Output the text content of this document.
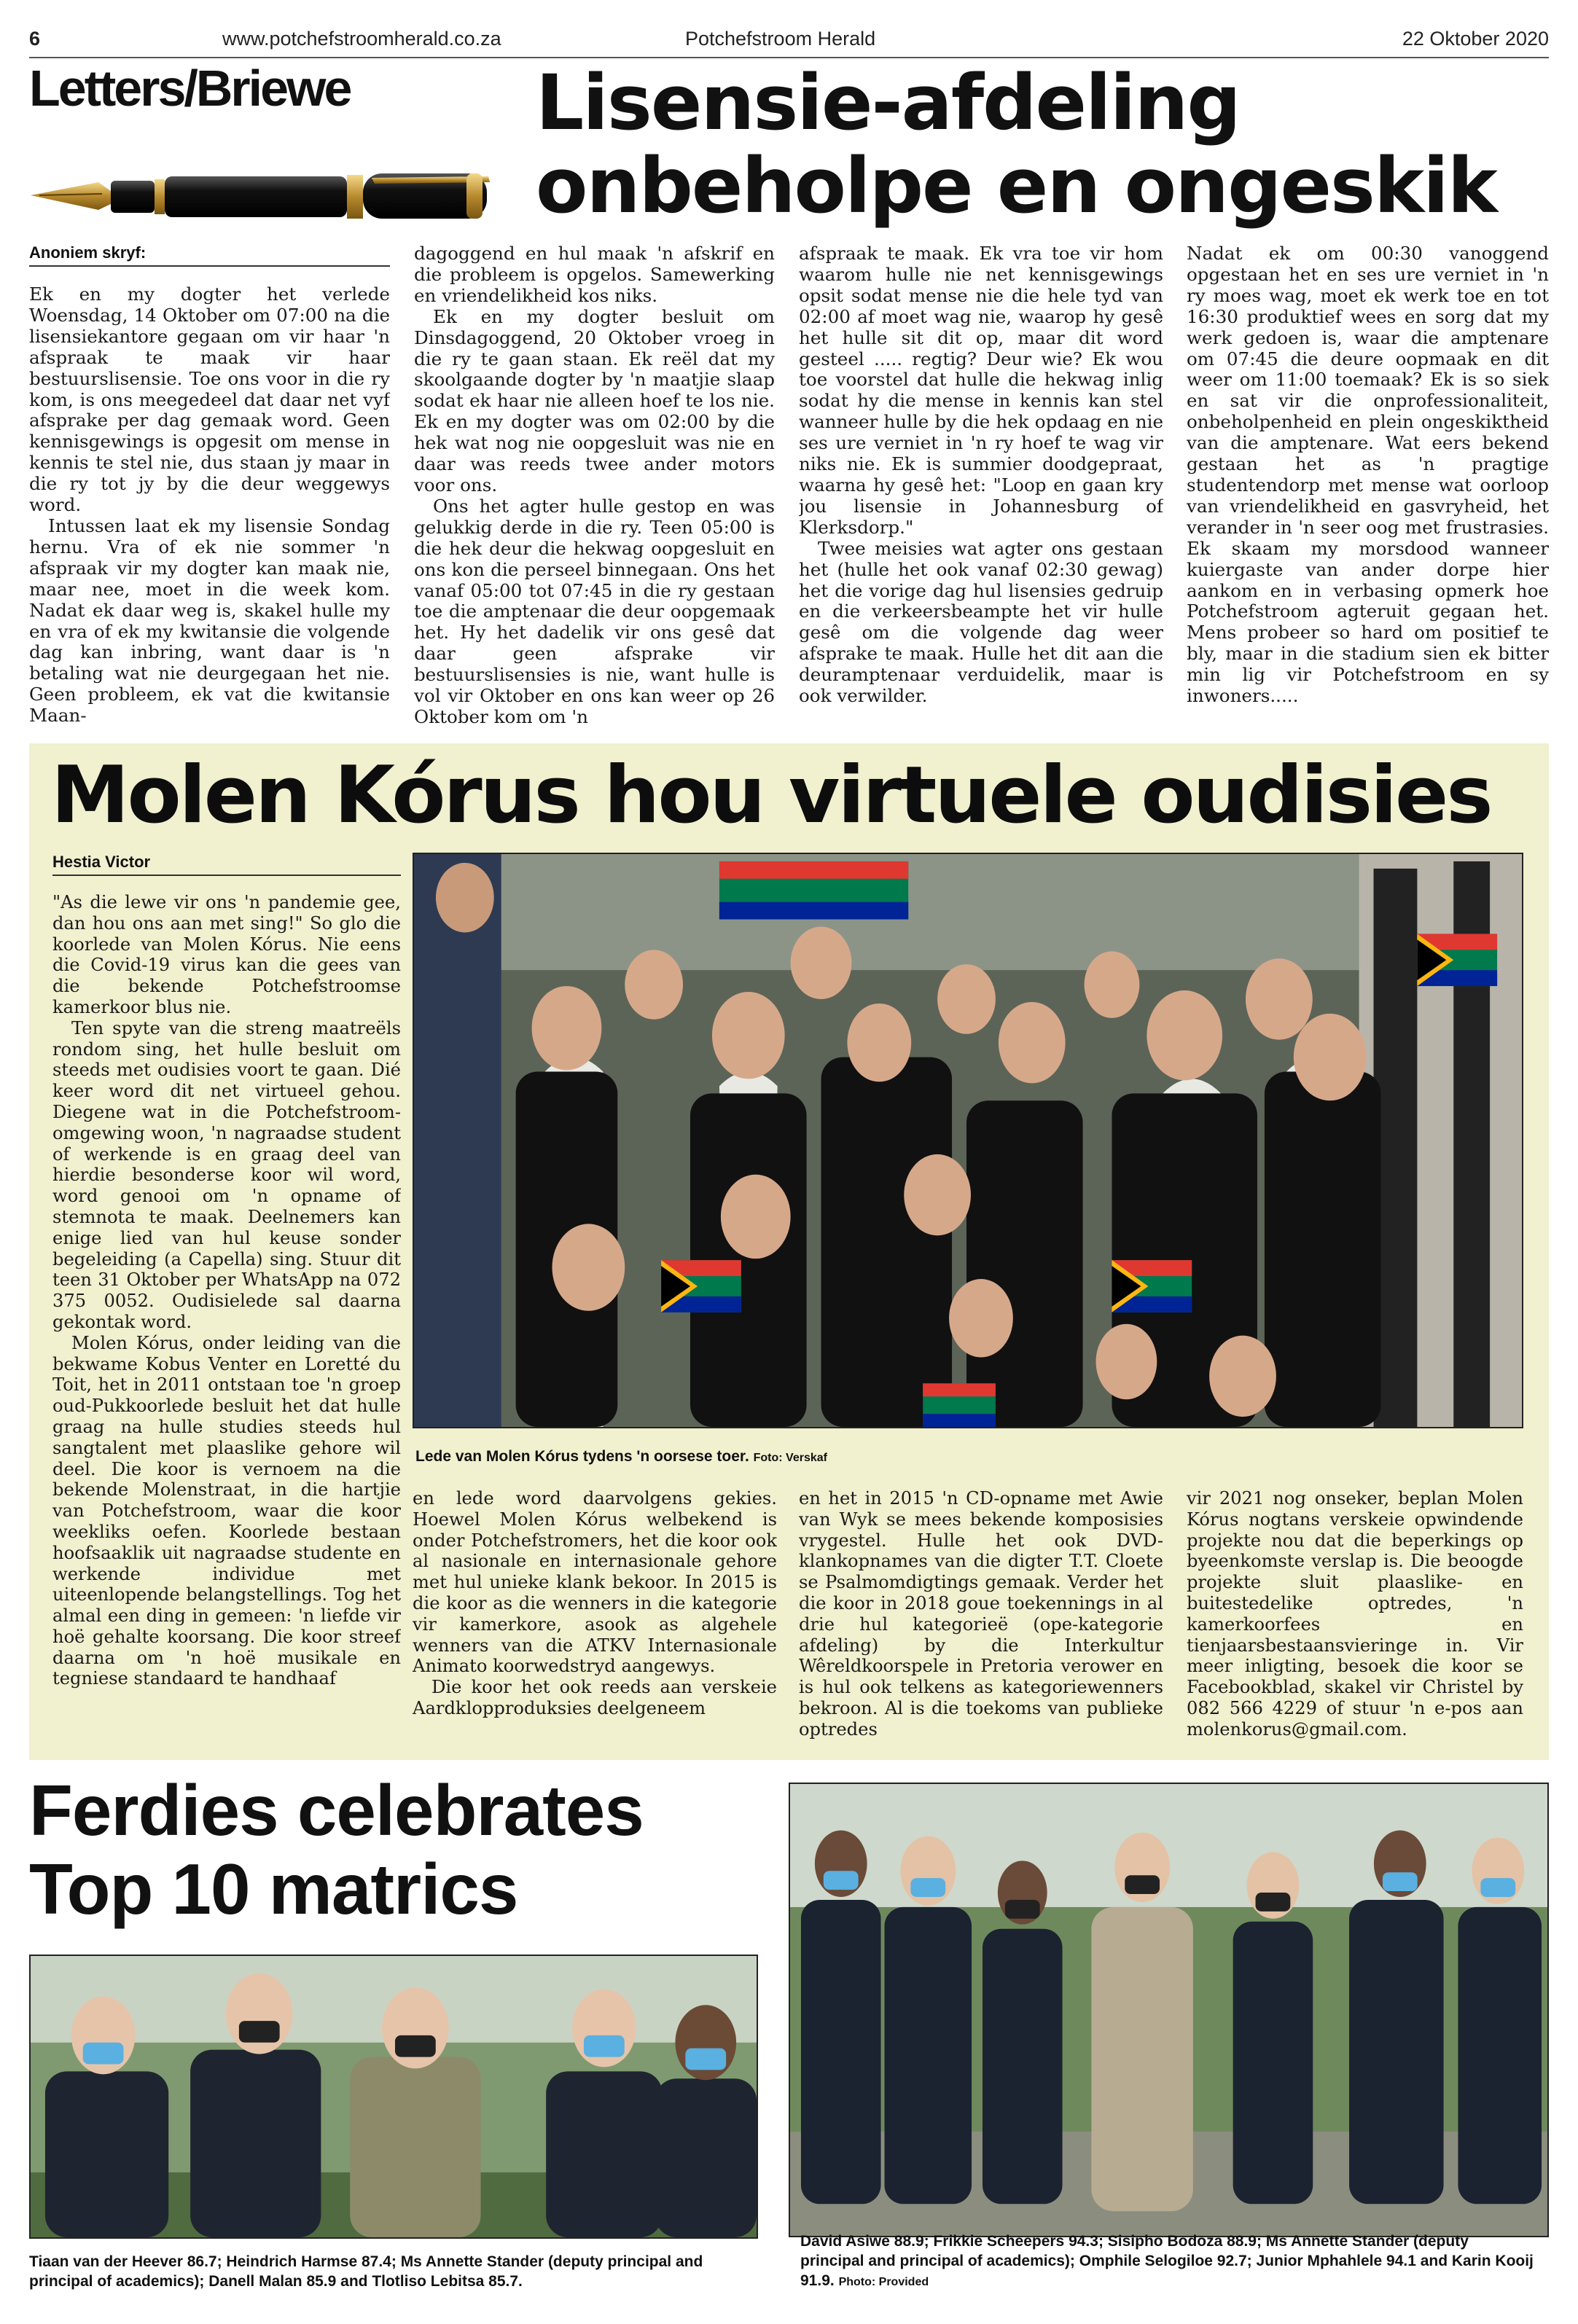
6	www.potchefstroomherald.co.za	Potchefstroom Herald	22 Oktober 2020
Letters/Briewe	Lisensie-afdeling
onbeholpe en ongeskik
Anoniem skryf:

Ek en my dogter het verlede Woensdag, 14 Oktober om 07:00 na die lisensiekantore gegaan om vir haar 'n afspraak te maak vir haar bestuurslisensie. Toe ons voor in die ry kom, is ons meegedeel dat daar net vyf afsprake per dag gemaak word. Geen kennisgewings is opgesit om mense in kennis te stel nie, dus staan jy maar in die ry tot jy by die deur weggewys word.

Intussen laat ek my lisensie Sondag hernu. Vra of ek nie sommer 'n afspraak vir my dogter kan maak nie, maar nee, moet in die week kom. Nadat ek daar weg is, skakel hulle my en vra of ek my kwitansie die volgende dag kan inbring, want daar is 'n betaling wat nie deurgegaan het nie. Geen probleem, ek vat die kwitansie Maan-

dagoggend en hul maak 'n afskrif en die probleem is opgelos. Samewerking en vriendelikheid kos niks.

Ek en my dogter besluit om Dinsdagoggend, 20 Oktober vroeg in die ry te gaan staan. Ek reël dat my skoolgaande dogter by 'n maatjie slaap sodat ek haar nie alleen hoef te los nie. Ek en my dogter was om 02:00 by die hek wat nog nie oopgesluit was nie en daar was reeds twee ander motors voor ons.

Ons het agter hulle gestop en was gelukkig derde in die ry. Teen 05:00 is die hek deur die hekwag oopgesluit en ons kon die perseel binnegaan. Ons het vanaf 05:00 tot 07:45 in die ry gestaan toe die amptenaar die deur oopgemaak het. Hy het dadelik vir ons gesê dat daar geen afsprake vir bestuurslisensies is nie, want hulle is vol vir Oktober en ons kan weer op 26 Oktober kom om 'n

afspraak te maak. Ek vra toe vir hom waarom hulle nie net kennisgewings opsit sodat mense nie die hele tyd van 02:00 af moet wag nie, waarop hy gesê het hulle sit dit op, maar dit word gesteel ..... regtig? Deur wie? Ek wou toe voorstel dat hulle die hekwag inlig sodat hy die mense in kennis kan stel wanneer hulle by die hek opdaag en nie ses ure verniet in 'n ry hoef te wag vir niks nie. Ek is summier doodgepraat, waarna hy gesê het: "Loop en gaan kry jou lisensie in Johannesburg of Klerksdorp."

Twee meisies wat agter ons gestaan het (hulle het ook vanaf 02:30 gewag) het die vorige dag hul lisensies gedruip en die verkeersbeampte het vir hulle gesê om die volgende dag weer afsprake te maak. Hulle het dit aan die deuramptenaar verduidelik, maar is ook verwilder.

Nadat ek om 00:30 vanoggend opgestaan het en ses ure verniet in 'n ry moes wag, moet ek werk toe en tot 16:30 produktief wees en sorg dat my werk gedoen is, waar die amptenare om 07:45 die deure oopmaak en dit weer om 11:00 toemaak? Ek is so siek en sat vir die onprofessionaliteit, onbeholpenheid en plein ongeskiktheid van die amptenare. Wat eers bekend gestaan het as 'n pragtige studentendorp met mense wat oorloop van vriendelikheid en gasvryheid, het verander in 'n seer oog met frustrasies. Ek skaam my morsdood wanneer kuiergaste van ander dorpe hier aankom en in verbasing opmerk hoe Potchefstroom agteruit gegaan het. Mens probeer so hard om positief te bly, maar in die stadium sien ek bitter min lig vir Potchefstroom en sy inwoners.....

Molen Kórus hou virtuele oudisies
Hestia Victor

"As die lewe vir ons 'n pandemie gee, dan hou ons aan met sing!" So glo die koorlede van Molen Kórus. Nie eens die Covid-19 virus kan die gees van die bekende Potchefstroomse kamerkoor blus nie.

Ten spyte van die streng maatreëls rondom sing, het hulle besluit om steeds met oudisies voort te gaan. Dié keer word dit net virtueel gehou. Diegene wat in die Potchefstroom-omgewing woon, 'n nagraadse student of werkende is en graag deel van hierdie besonderse koor wil word, word genooi om 'n opname of stemnota te maak. Deelnemers kan enige lied van hul keuse sonder begeleiding (a Capella) sing. Stuur dit teen 31 Oktober per WhatsApp na 072 375 0052. Oudisielede sal daarna gekontak word.

Molen Kórus, onder leiding van die bekwame Kobus Venter en Loretté du Toit, het in 2011 ontstaan toe 'n groep oud-Pukkoorlede besluit het dat hulle graag na hulle studies steeds hul sangtalent met plaaslike gehore wil deel. Die koor is vernoem na die bekende Molenstraat, in die hartjie van Potchefstroom, waar die koor weekliks oefen. Koorlede bestaan hoofsaaklik uit nagraadse studente en werkende individue met uiteenlopende belangstellings. Tog het almal een ding in gemeen: 'n liefde vir hoë gehalte koorsang. Die koor streef daarna om 'n hoë musikale en tegniese standaard te handhaaf

Lede van Molen Kórus tydens 'n oorsese toer. Foto: Verskaf

en lede word daarvolgens gekies. Hoewel Molen Kórus welbekend is onder Potchefstromers, het die koor ook al nasionale en internasionale gehore met hul unieke klank bekoor. In 2015 is die koor as die wenners in die kategorie vir kamerkore, asook as algehele wenners van die ATKV Internasionale Animato koorwedstryd aangewys.

Die koor het ook reeds aan verskeie Aardklopproduksies deelgeneem

en het in 2015 'n CD-opname met Awie van Wyk se mees bekende komposisies vrygestel. Hulle het ook DVD-klankopnames van die digter T.T. Cloete se Psalmomdigtings gemaak. Verder het die koor in 2018 goue toekennings in al drie hul kategorieë (ope-kategorie afdeling) by die Interkultur Wêreldkoorspele in Pretoria verower en is hul ook telkens as kategoriewenners bekroon. Al is die toekoms van publieke optredes

vir 2021 nog onseker, beplan Molen Kórus nogtans verskeie opwindende projekte nou dat die beperkings op byeenkomste verslap is. Die beoogde projekte sluit plaaslike- en buitestedelike optredes, 'n kamerkoorfees en tienjaarsbestaansvieringe in. Vir meer inligting, besoek die koor se Facebookblad, skakel vir Christel by 082 566 4229 of stuur 'n e-pos aan molenkorus@gmail.com.

Ferdies celebrates
Top 10 matrics
Tiaan van der Heever 86.7; Heindrich Harmse 87.4; Ms Annette Stander (deputy principal and principal of academics); Danell Malan 85.9 and Tlotliso Lebitsa 85.7.
David Asiwe 88.9; Frikkie Scheepers 94.3; Sisipho Bodoza 88.9; Ms Annette Stander (deputy principal and principal of academics); Omphile Selogiloe 92.7; Junior Mphahlele 94.1 and Karin Kooij 91.9. Photo: Provided
